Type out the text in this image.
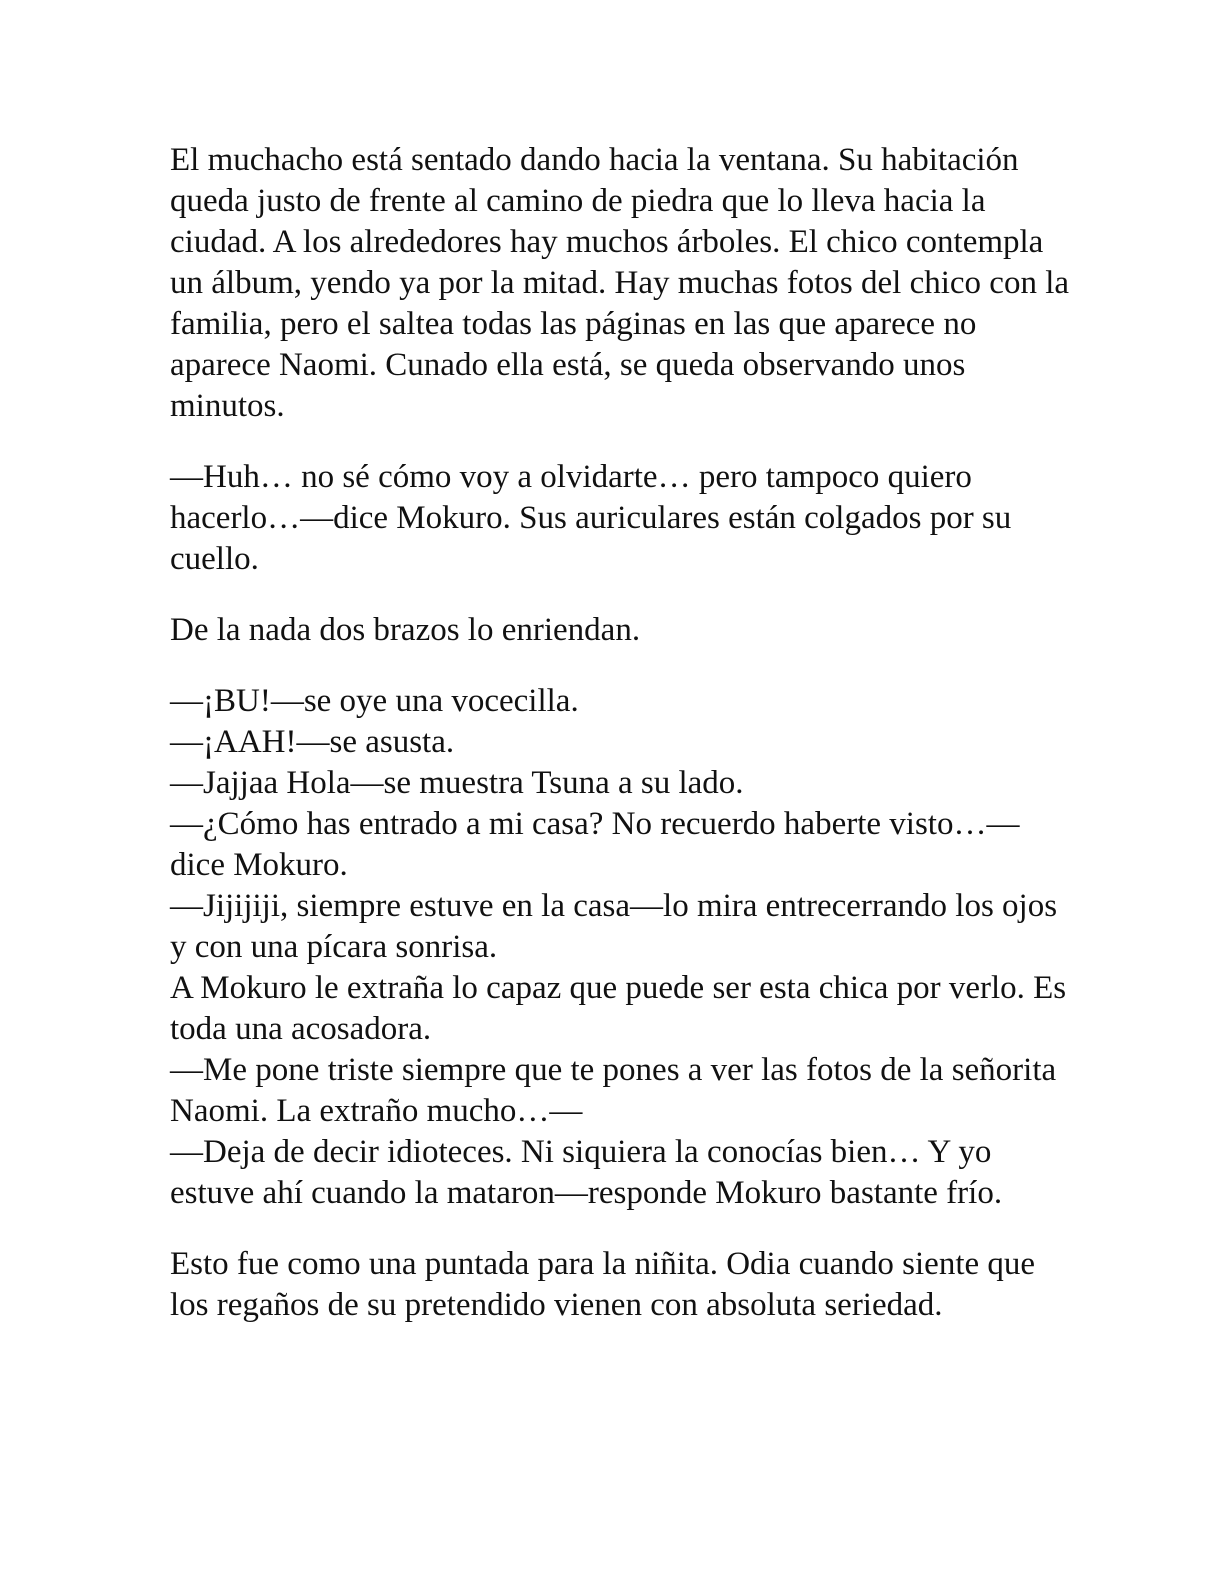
El muchacho está sentado dando hacia la ventana. Su habitación queda justo de frente al camino de piedra que lo lleva hacia la ciudad. A los alrededores hay muchos árboles. El chico contempla un álbum, yendo ya por la mitad. Hay muchas fotos del chico con la familia, pero el saltea todas las páginas en las que aparece no aparece Naomi. Cunado ella está, se queda observando unos minutos.

—Huh… no sé cómo voy a olvidarte… pero tampoco quiero hacerlo…—dice Mokuro. Sus auriculares están colgados por su cuello.

De la nada dos brazos lo enriendan.

—¡BU!—se oye una vocecilla.

—¡AAH!—se asusta.

—Jajjaa Hola—se muestra Tsuna a su lado.

—¿Cómo has entrado a mi casa? No recuerdo haberte visto…—dice Mokuro.

—Jijijiji, siempre estuve en la casa—lo mira entrecerrando los ojos y con una pícara sonrisa.

A Mokuro le extraña lo capaz que puede ser esta chica por verlo. Es toda una acosadora.

—Me pone triste siempre que te pones a ver las fotos de la señorita Naomi. La extraño mucho…—

—Deja de decir idioteces. Ni siquiera la conocías bien… Y yo estuve ahí cuando la mataron—responde Mokuro bastante frío.

Esto fue como una puntada para la niñita. Odia cuando siente que los regaños de su pretendido vienen con absoluta seriedad.
